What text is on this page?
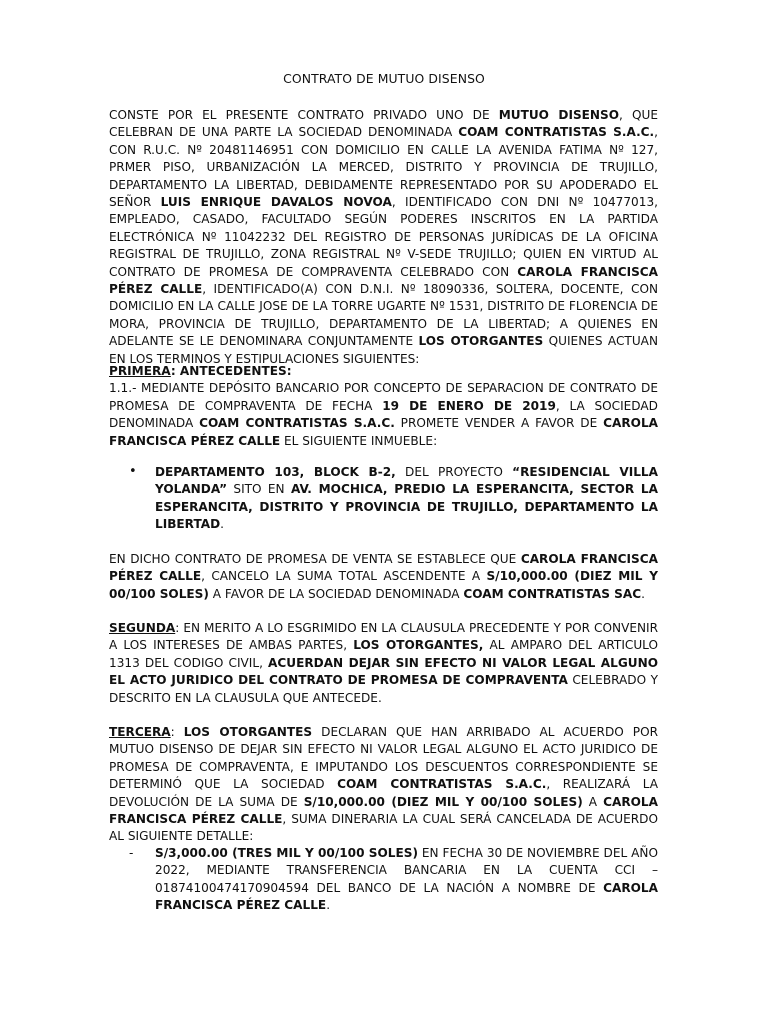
CONTRATO DE MUTUO DISENSO
CONSTE POR EL PRESENTE CONTRATO PRIVADO UNO DE MUTUO DISENSO, QUE CELEBRAN DE UNA PARTE LA SOCIEDAD DENOMINADA COAM CONTRATISTAS S.A.C., CON R.U.C. Nº 20481146951 CON DOMICILIO EN CALLE LA AVENIDA FATIMA Nº 127, PRMER PISO, URBANIZACIÓN LA MERCED, DISTRITO Y PROVINCIA DE TRUJILLO, DEPARTAMENTO LA LIBERTAD, DEBIDAMENTE REPRESENTADO POR SU APODERADO EL SEÑOR LUIS ENRIQUE DAVALOS NOVOA, IDENTIFICADO CON DNI Nº 10477013, EMPLEADO, CASADO, FACULTADO SEGÚN PODERES INSCRITOS EN LA PARTIDA ELECTRÓNICA Nº 11042232 DEL REGISTRO DE PERSONAS JURÍDICAS DE LA OFICINA REGISTRAL DE TRUJILLO, ZONA REGISTRAL Nº V-SEDE TRUJILLO; QUIEN EN VIRTUD AL CONTRATO DE PROMESA DE COMPRAVENTA CELEBRADO CON CAROLA FRANCISCA PÉREZ CALLE, IDENTIFICADO(A) CON D.N.I. Nº 18090336, SOLTERA, DOCENTE, CON DOMICILIO EN LA CALLE JOSE DE LA TORRE UGARTE Nº 1531, DISTRITO DE FLORENCIA DE MORA, PROVINCIA DE TRUJILLO, DEPARTAMENTO DE LA LIBERTAD; A QUIENES EN ADELANTE SE LE DENOMINARA CONJUNTAMENTE LOS OTORGANTES QUIENES ACTUAN EN LOS TERMINOS Y ESTIPULACIONES SIGUIENTES:
PRIMERA: ANTECEDENTES:
1.1.- MEDIANTE DEPÓSITO BANCARIO POR CONCEPTO DE SEPARACION DE CONTRATO DE PROMESA DE COMPRAVENTA DE FECHA 19 DE ENERO DE 2019, LA SOCIEDAD DENOMINADA COAM CONTRATISTAS S.A.C. PROMETE VENDER A FAVOR DE CAROLA FRANCISCA PÉREZ CALLE EL SIGUIENTE INMUEBLE:
•	DEPARTAMENTO 103, BLOCK B-2, DEL PROYECTO “RESIDENCIAL VILLA YOLANDA” SITO EN AV. MOCHICA, PREDIO LA ESPERANCITA, SECTOR LA ESPERANCITA, DISTRITO Y PROVINCIA DE TRUJILLO, DEPARTAMENTO LA LIBERTAD.
EN DICHO CONTRATO DE PROMESA DE VENTA SE ESTABLECE QUE CAROLA FRANCISCA PÉREZ CALLE, CANCELO LA SUMA TOTAL ASCENDENTE A S/10,000.00 (DIEZ MIL Y 00/100 SOLES) A FAVOR DE LA SOCIEDAD DENOMINADA COAM CONTRATISTAS SAC.
SEGUNDA: EN MERITO A LO ESGRIMIDO EN LA CLAUSULA PRECEDENTE Y POR CONVENIR A LOS INTERESES DE AMBAS PARTES, LOS OTORGANTES, AL AMPARO DEL ARTICULO 1313 DEL CODIGO CIVIL, ACUERDAN DEJAR SIN EFECTO NI VALOR LEGAL ALGUNO EL ACTO JURIDICO DEL CONTRATO DE PROMESA DE COMPRAVENTA CELEBRADO Y DESCRITO EN LA CLAUSULA QUE ANTECEDE.
TERCERA: LOS OTORGANTES DECLARAN QUE HAN ARRIBADO AL ACUERDO POR MUTUO DISENSO DE DEJAR SIN EFECTO NI VALOR LEGAL ALGUNO EL ACTO JURIDICO DE PROMESA DE COMPRAVENTA, E IMPUTANDO LOS DESCUENTOS CORRESPONDIENTE SE DETERMINÓ QUE LA SOCIEDAD COAM CONTRATISTAS S.A.C., REALIZARÁ LA DEVOLUCIÓN DE LA SUMA DE S/10,000.00 (DIEZ MIL Y 00/100 SOLES) A CAROLA FRANCISCA PÉREZ CALLE, SUMA DINERARIA LA CUAL SERÁ CANCELADA DE ACUERDO AL SIGUIENTE DETALLE:
-	S/3,000.00 (TRES MIL Y 00/100 SOLES) EN FECHA 30 DE NOVIEMBRE DEL AÑO 2022, MEDIANTE TRANSFERENCIA BANCARIA EN LA CUENTA CCI – 01874100474170904594 DEL BANCO DE LA NACIÓN A NOMBRE DE CAROLA FRANCISCA PÉREZ CALLE.
